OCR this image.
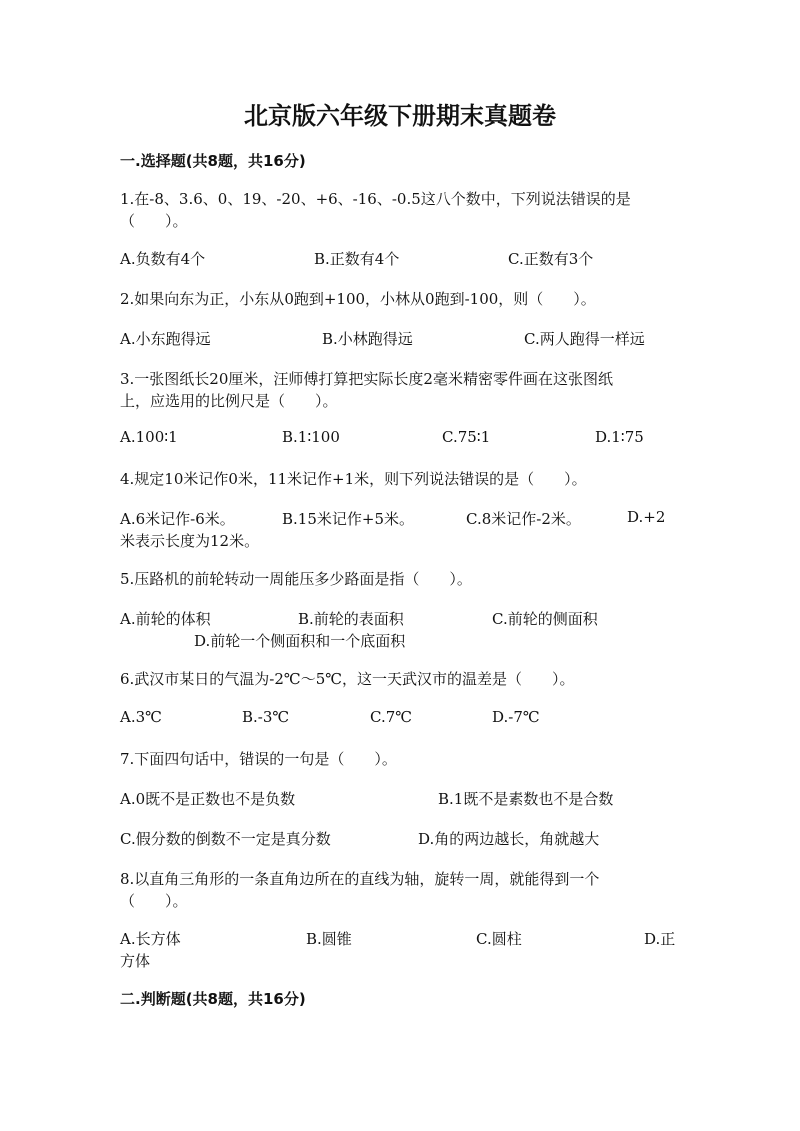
北京版六年级下册期末真题卷
一.选择题(共8题，共16分)
1.在-8、3.6、0、19、-20、+6、-16、-0.5这八个数中，下列说法错误的是
（　　）。
A.负数有4个	B.正数有4个	C.正数有3个
2.如果向东为正，小东从0跑到+100，小林从0跑到-100，则（　　）。
A.小东跑得远	B.小林跑得远	C.两人跑得一样远
3.一张图纸长20厘米，汪师傅打算把实际长度2毫米精密零件画在这张图纸
上，应选用的比例尺是（　　）。
A.100∶1	B.1∶100	C.75∶1	D.1∶75
4.规定10米记作0米，11米记作+1米，则下列说法错误的是（　　）。
A.6米记作-6米。	B.15米记作+5米。	C.8米记作-2米。	D.+2
米表示长度为12米。
5.压路机的前轮转动一周能压多少路面是指（　　）。
A.前轮的体积	B.前轮的表面积	C.前轮的侧面积
D.前轮一个侧面积和一个底面积
6.武汉市某日的气温为-2℃～5℃，这一天武汉市的温差是（　　）。
A.3℃	B.-3℃	C.7℃	D.-7℃
7.下面四句话中，错误的一句是（　　）。
A.0既不是正数也不是负数	B.1既不是素数也不是合数
C.假分数的倒数不一定是真分数	D.角的两边越长，角就越大
8.以直角三角形的一条直角边所在的直线为轴，旋转一周，就能得到一个
（　　）。
A.长方体	B.圆锥	C.圆柱	D.正
方体
二.判断题(共8题，共16分)
